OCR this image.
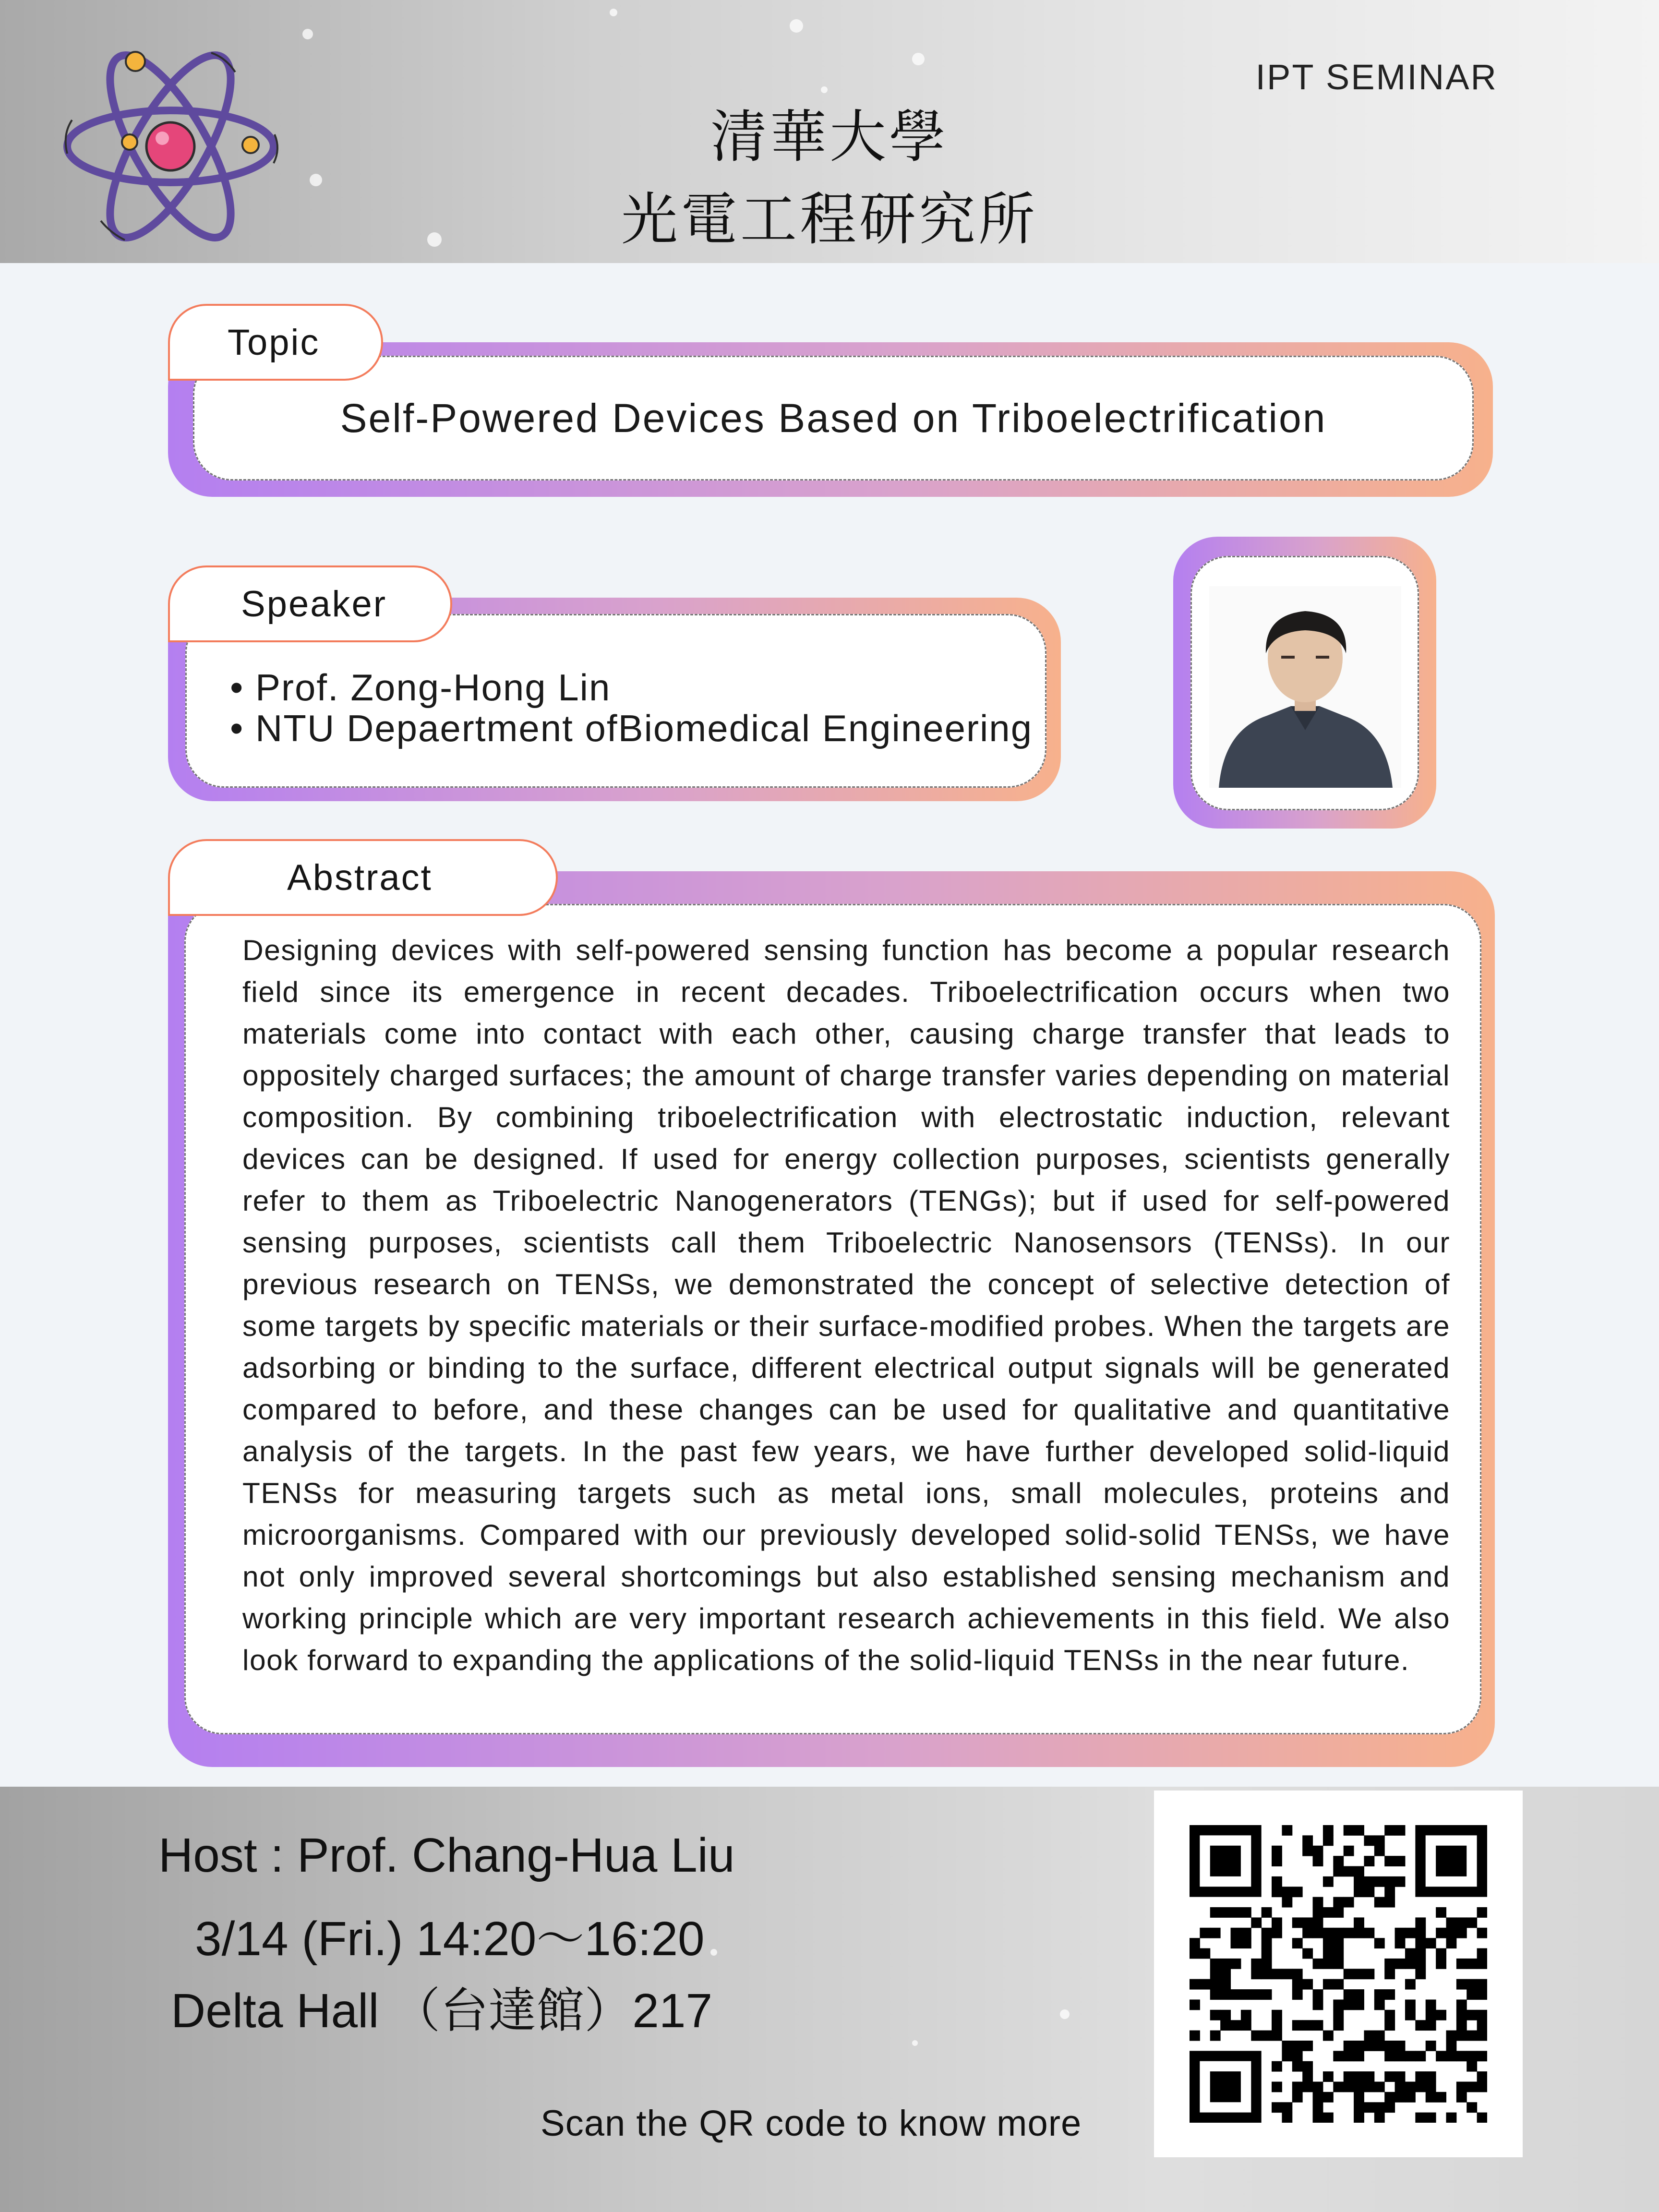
清華大學
光電工程研究所
IPT SEMINAR
Self-Powered Devices Based on Triboelectrification
Topic
• Prof. Zong-Hong Lin
• NTU Depaertment ofBiomedical Engineering
Speaker
Designing devices with self-powered sensing function has become a popular research field since its emergence in recent decades. Triboelectrification occurs when two materials come into contact with each other, causing charge transfer that leads to oppositely charged surfaces; the amount of charge transfer varies depending on material composition. By combining triboelectrification with electrostatic induction, relevant devices can be designed. If used for energy collection purposes, scientists generally refer to them as Triboelectric Nanogenerators (TENGs); but if used for self-powered sensing purposes, scientists call them Triboelectric Nanosensors (TENSs). In our previous research on TENSs, we demonstrated the concept of selective detection of some targets by specific materials or their surface-modified probes. When the targets are adsorbing or binding to the surface, different electrical output signals will be generated compared to before, and these changes can be used for qualitative and quantitative analysis of the targets. In the past few years, we have further developed solid-liquid TENSs for measuring targets such as metal ions, small molecules, proteins and microorganisms. Compared with our previously developed solid-solid TENSs, we have not only improved several shortcomings but also established sensing mechanism and working principle which are very important research achievements in this field. We also look forward to expanding the applications of the solid-liquid TENSs in the near future.
Abstract
Host : Prof. Chang-Hua Liu
3/14 (Fri.) 14:20～16:20
Delta Hall （台達館）217
Scan the QR code to know more
